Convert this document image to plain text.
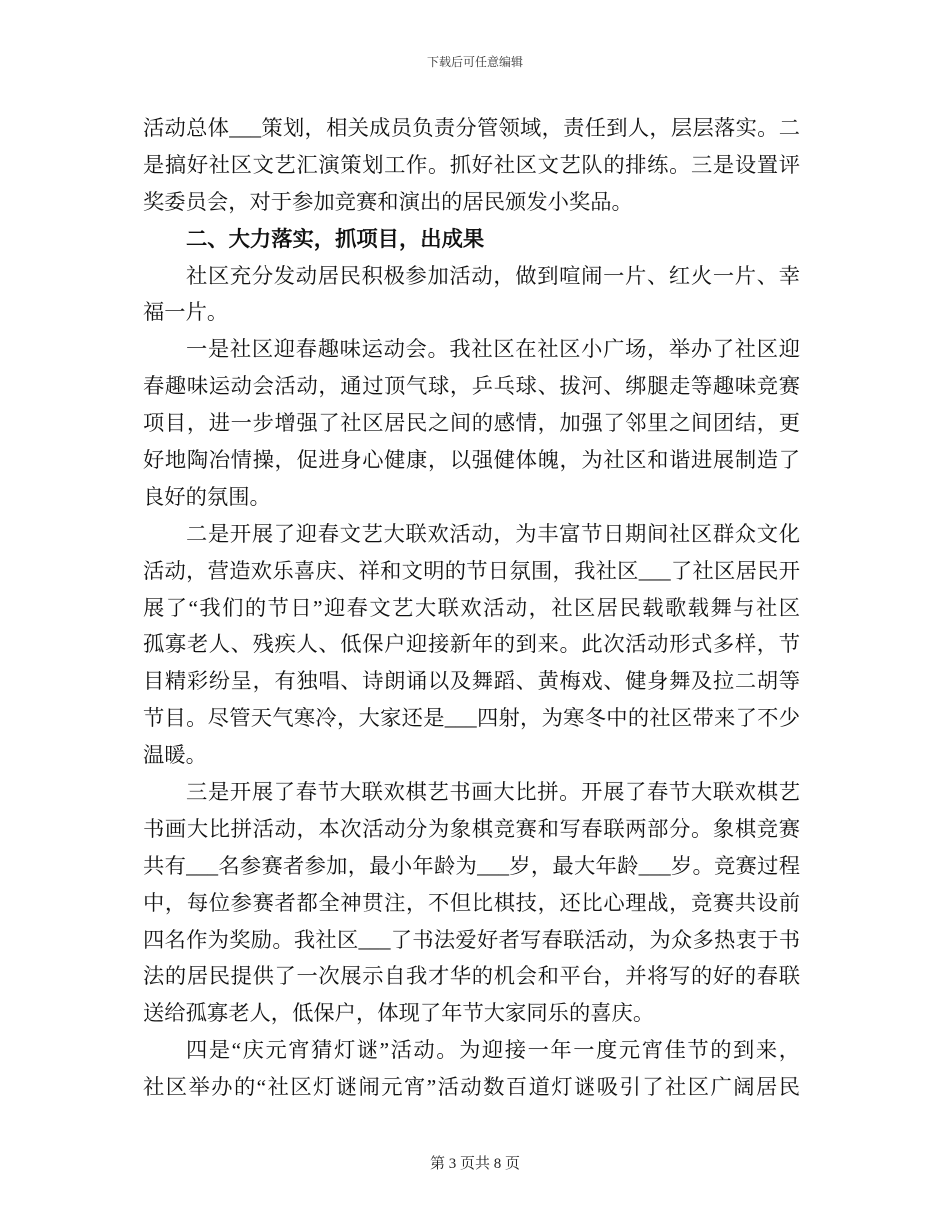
下载后可任意编辑
活动总体___策划，相关成员负责分管领域，责任到人，层层落实。二
是搞好社区文艺汇演策划工作。抓好社区文艺队的排练。三是设置评
奖委员会，对于参加竞赛和演出的居民颁发小奖品。
二、大力落实，抓项目，出成果
社区充分发动居民积极参加活动，做到喧闹一片、红火一片、幸
福一片。
一是社区迎春趣味运动会。我社区在社区小广场，举办了社区迎
春趣味运动会活动，通过顶气球，乒乓球、拔河、绑腿走等趣味竞赛
项目，进一步增强了社区居民之间的感情，加强了邻里之间团结，更
好地陶冶情操，促进身心健康，以强健体魄，为社区和谐进展制造了
良好的氛围。
二是开展了迎春文艺大联欢活动，为丰富节日期间社区群众文化
活动，营造欢乐喜庆、祥和文明的节日氛围，我社区___了社区居民开
展了“我们的节日”迎春文艺大联欢活动，社区居民载歌载舞与社区
孤寡老人、残疾人、低保户迎接新年的到来。此次活动形式多样，节
目精彩纷呈，有独唱、诗朗诵以及舞蹈、黄梅戏、健身舞及拉二胡等
节目。尽管天气寒冷，大家还是___四射，为寒冬中的社区带来了不少
温暖。
三是开展了春节大联欢棋艺书画大比拼。开展了春节大联欢棋艺
书画大比拼活动，本次活动分为象棋竞赛和写春联两部分。象棋竞赛
共有___名参赛者参加，最小年龄为___岁，最大年龄___岁。竞赛过程
中，每位参赛者都全神贯注，不但比棋技，还比心理战，竞赛共设前
四名作为奖励。我社区___了书法爱好者写春联活动，为众多热衷于书
法的居民提供了一次展示自我才华的机会和平台，并将写的好的春联
送给孤寡老人，低保户，体现了年节大家同乐的喜庆。
四是“庆元宵猜灯谜”活动。为迎接一年一度元宵佳节的到来，
社区举办的“社区灯谜闹元宵”活动数百道灯谜吸引了社区广阔居民
第 3 页共 8 页
